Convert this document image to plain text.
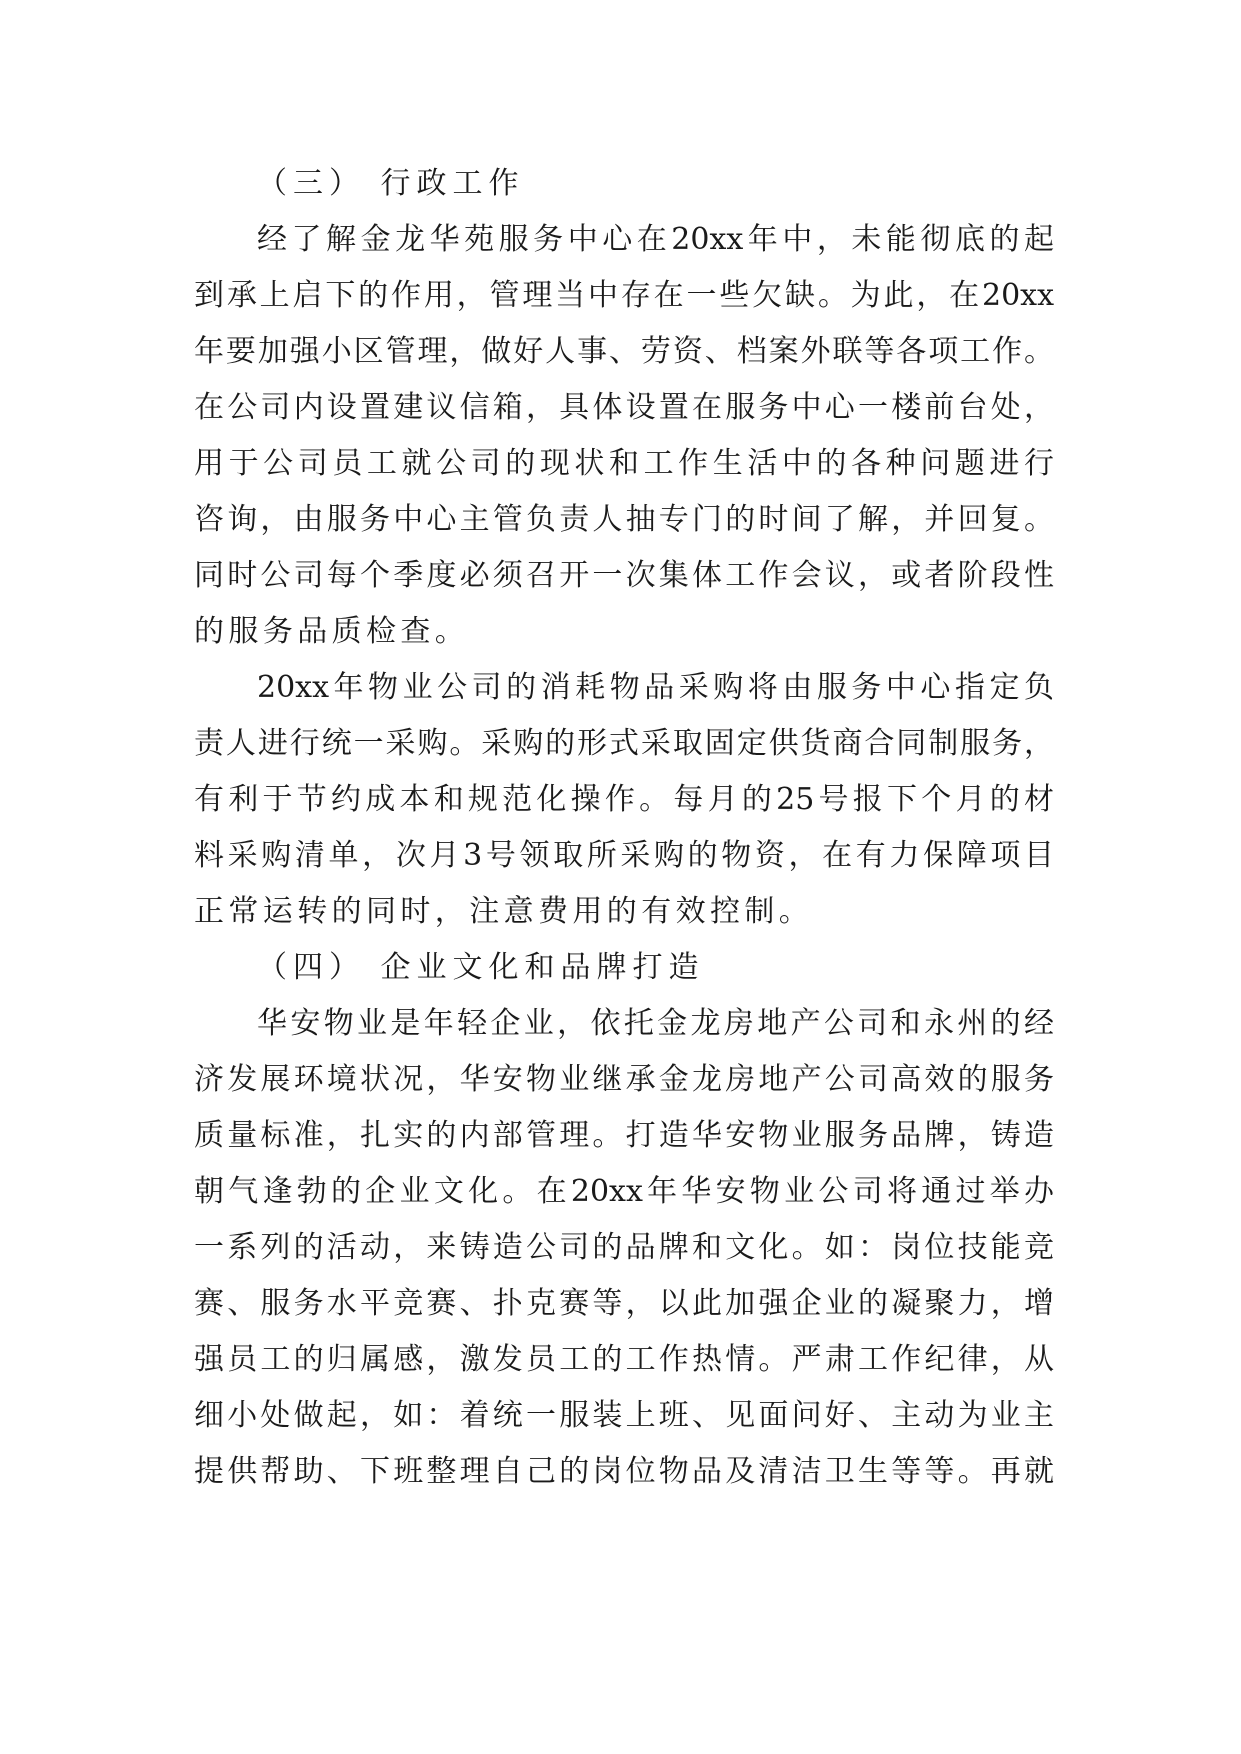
（三） 行政工作
经了解金龙华苑服务中心在20xx年中，未能彻底的起
到承上启下的作用，管理当中存在一些欠缺。为此，在20xx
年要加强小区管理，做好人事、劳资、档案外联等各项工作。
在公司内设置建议信箱，具体设置在服务中心一楼前台处，
用于公司员工就公司的现状和工作生活中的各种问题进行
咨询，由服务中心主管负责人抽专门的时间了解，并回复。
同时公司每个季度必须召开一次集体工作会议，或者阶段性
的服务品质检查。
20xx年物业公司的消耗物品采购将由服务中心指定负
责人进行统一采购。采购的形式采取固定供货商合同制服务，
有利于节约成本和规范化操作。每月的25号报下个月的材
料采购清单，次月3号领取所采购的物资，在有力保障项目
正常运转的同时，注意费用的有效控制。
（四） 企业文化和品牌打造
华安物业是年轻企业，依托金龙房地产公司和永州的经
济发展环境状况，华安物业继承金龙房地产公司高效的服务
质量标准，扎实的内部管理。打造华安物业服务品牌，铸造
朝气逢勃的企业文化。在20xx年华安物业公司将通过举办
一系列的活动，来铸造公司的品牌和文化。如：岗位技能竞
赛、服务水平竞赛、扑克赛等，以此加强企业的凝聚力，增
强员工的归属感，激发员工的工作热情。严肃工作纪律，从
细小处做起，如：着统一服装上班、见面问好、主动为业主
提供帮助、下班整理自己的岗位物品及清洁卫生等等。再就
